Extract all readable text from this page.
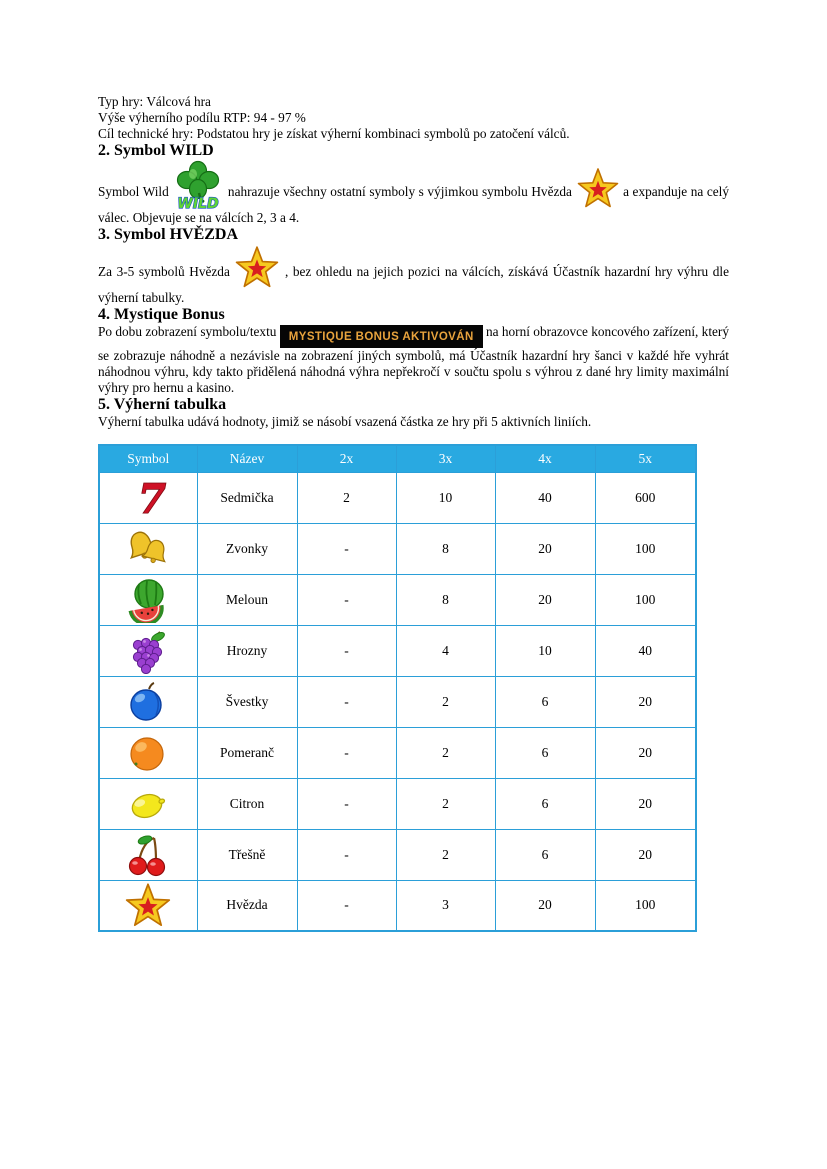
Typ hry: Válcová hra
Výše výherního podílu RTP: 94 - 97 %
Cíl technické hry: Podstatou hry je získat výherní kombinaci symbolů po zatočení válců.
2. Symbol WILD

Symbol Wild
WILD
nahrazuje všechny ostatní symboly s výjimkou symbolu Hvězda	a expanduje na celý válec. Objevuje se na válcích 2, 3 a 4.

3. Symbol HVĚZDA

Za 3-5 symbolů Hvězda	, bez ohledu na jejich pozici na válcích, získává Účastník hazardní hry výhru dle výherní tabulky.

4. Mystique Bonus

Po dobu zobrazení symbolu/textu MYSTIQUE BONUS AKTIVOVÁN na horní obrazovce koncového zařízení, který se zobrazuje náhodně a nezávisle na zobrazení jiných symbolů, má Účastník hazardní hry šanci v každé hře vyhrát náhodnou výhru, kdy takto přidělená náhodná výhra nepřekročí v součtu spolu s výhrou z dané hry limity maximální výhry pro hernu a kasino.

5. Výherní tabulka

Výherní tabulka udává hodnoty, jimiž se násobí vsazená částka ze hry při 5 aktivních liniích.

Symbol	Název	2x	3x	4x	5x

7	Sedmička	2	10	40	600

	Zvonky	-	8	20	100

	Meloun	-	8	20	100

	Hrozny	-	4	10	40

	Švestky	-	2	6	20

	Pomeranč	-	2	6	20

	Citron	-	2	6	20

	Třešně	-	2	6	20

	Hvězda	-	3	20	100
